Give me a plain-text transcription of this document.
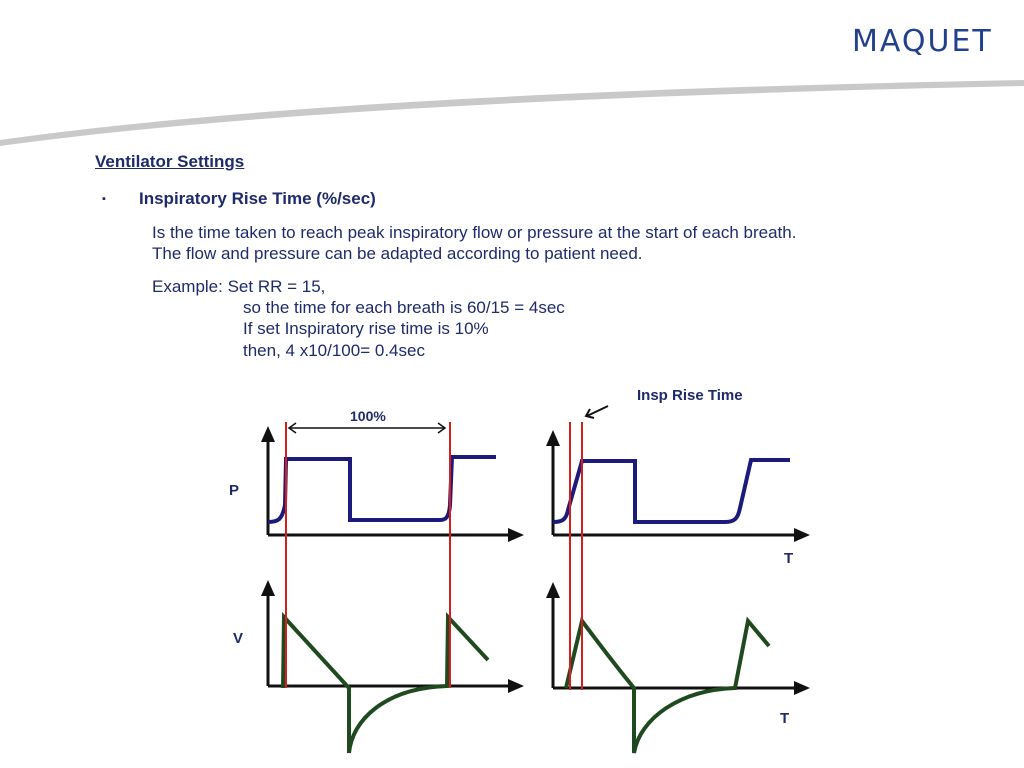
MAQUET
Ventilator Settings
▪ Inspiratory Rise Time (%/sec)
Is the time taken to reach peak inspiratory flow or pressure at the start of each breath.
The flow and pressure can be adapted according to patient need.
Example: Set RR = 15,
so the time for each breath is 60/15 = 4sec
If set Inspiratory rise time is 10%
then, 4 x10/100= 0.4sec
Insp Rise Time
100%
P
V
T
T
